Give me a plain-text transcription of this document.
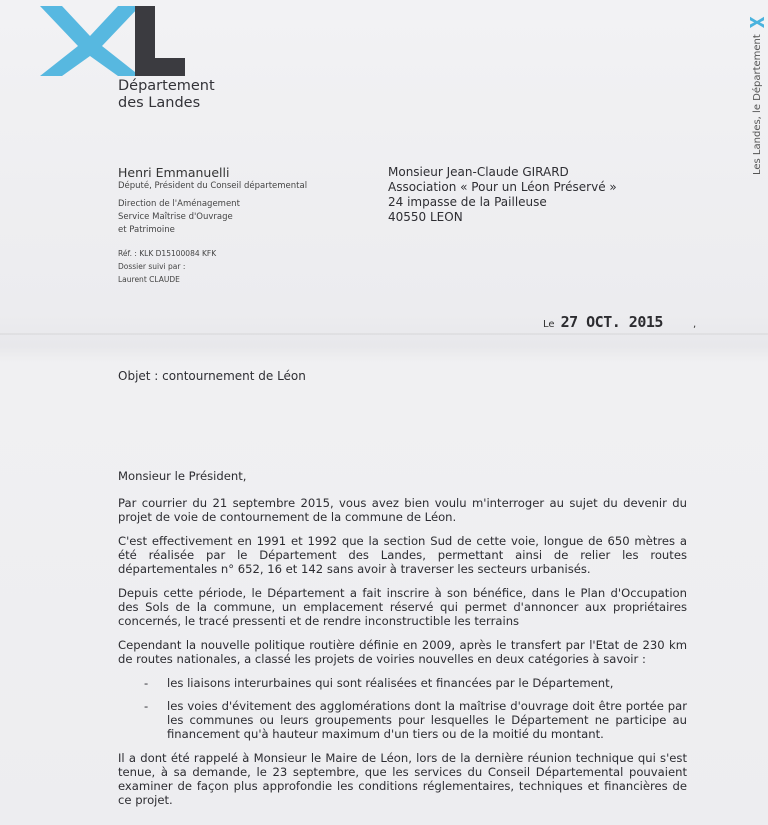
Département
des Landes	Les Landes, le Département
Henri Emmanuelli
Député, Président du Conseil départemental
Direction de l'Aménagement
Service Maîtrise d'Ouvrage
et Patrimoine
Réf. : KLK D15100084 KFK
Dossier suivi par :
Laurent CLAUDE
Monsieur Jean-Claude GIRARD
Association « Pour un Léon Préservé »
24 impasse de la Pailleuse
40550 LEON
Le 27 OCT. 2015	,
Objet : contournement de Léon

Monsieur le Président,

Par courrier du 21 septembre 2015, vous avez bien voulu m'interroger au sujet du devenir du projet de voie de contournement de la commune de Léon.

C'est effectivement en 1991 et 1992 que la section Sud de cette voie, longue de 650 mètres a été réalisée par le Département des Landes, permettant ainsi de relier les routes départementales n° 652, 16 et 142 sans avoir à traverser les secteurs urbanisés.

Depuis cette période, le Département a fait inscrire à son bénéfice, dans le Plan d'Occupation des Sols de la commune, un emplacement réservé qui permet d'annoncer aux propriétaires concernés, le tracé pressenti et de rendre inconstructible les terrains

Cependant la nouvelle politique routière définie en 2009, après le transfert par l'Etat de 230 km de routes nationales, a classé les projets de voiries nouvelles en deux catégories à savoir :

- les liaisons interurbaines qui sont réalisées et financées par le Département,
- les voies d'évitement des agglomérations dont la maîtrise d'ouvrage doit être portée par les communes ou leurs groupements pour lesquelles le Département ne participe au financement qu'à hauteur maximum d'un tiers ou de la moitié du montant.

Il a dont été rappelé à Monsieur le Maire de Léon, lors de la dernière réunion technique qui s'est tenue, à sa demande, le 23 septembre, que les services du Conseil Départemental pouvaient examiner de façon plus approfondie les conditions réglementaires, techniques et financières de ce projet.
